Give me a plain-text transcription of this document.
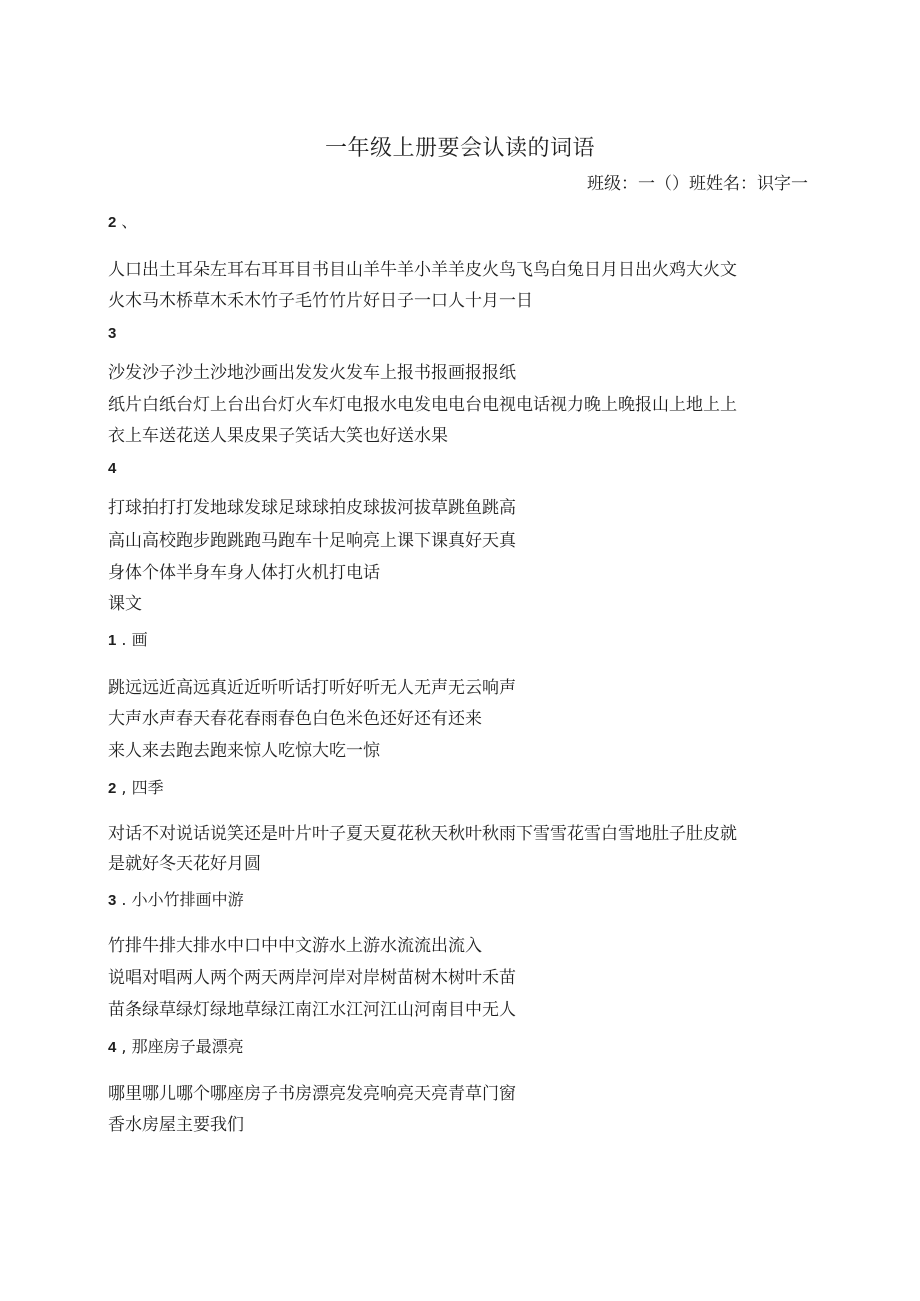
一年级上册要会认读的词语
班级：一（）班姓名：识字一
2 、
人口出土耳朵左耳右耳耳目书目山羊牛羊小羊羊皮火鸟飞鸟白兔日月日出火鸡大火文
火木马木桥草木禾木竹子毛竹竹片好日子一口人十月一日
3
沙发沙子沙土沙地沙画出发发火发车上报书报画报报纸
纸片白纸台灯上台出台灯火车灯电报水电发电电台电视电话视力晚上晚报山上地上上
衣上车送花送人果皮果子笑话大笑也好送水果
4
打球拍打打发地球发球足球球拍皮球拔河拔草跳鱼跳高
高山高校跑步跑跳跑马跑车十足响亮上课下课真好天真
身体个体半身车身人体打火机打电话
课文
1 . 画
跳远远近高远真近近听听话打听好听无人无声无云响声
大声水声春天春花春雨春色白色米色还好还有还来
来人来去跑去跑来惊人吃惊大吃一惊
2 , 四季
对话不对说话说笑还是叶片叶子夏天夏花秋天秋叶秋雨下雪雪花雪白雪地肚子肚皮就
是就好冬天花好月圆
3 . 小小竹排画中游
竹排牛排大排水中口中中文游水上游水流流出流入
说唱对唱两人两个两天两岸河岸对岸树苗树木树叶禾苗
苗条绿草绿灯绿地草绿江南江水江河江山河南目中无人
4 , 那座房子最漂亮
哪里哪儿哪个哪座房子书房漂亮发亮响亮天亮青草门窗
香水房屋主要我们
